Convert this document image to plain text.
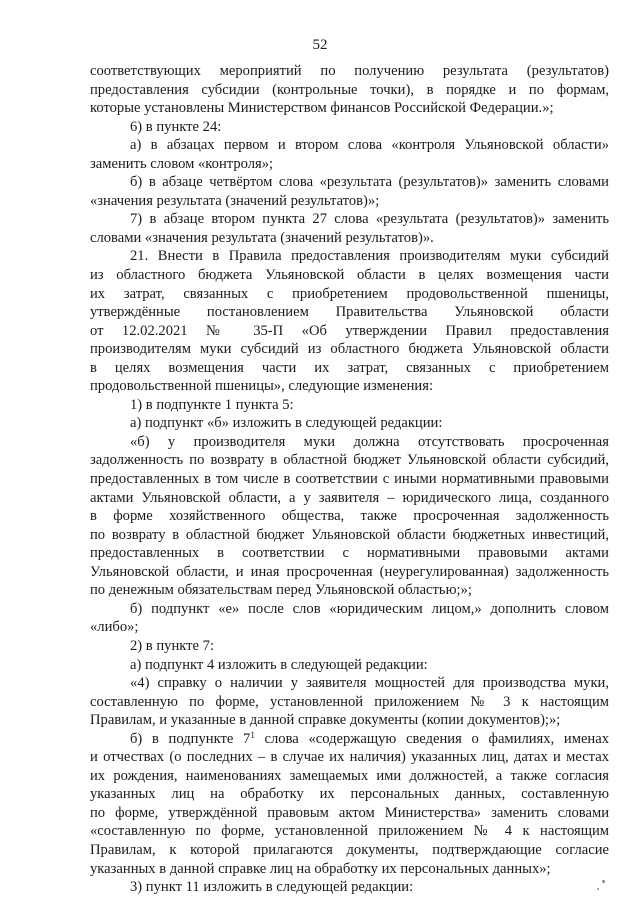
52
соответствующих мероприятий по получению результата (результатов)
предоставления субсидии (контрольные точки), в порядке и по формам,
которые установлены Министерством финансов Российской Федерации.»;
6) в пункте 24:
а) в абзацах первом и втором слова «контроля Ульяновской области»
заменить словом «контроля»;
б) в абзаце четвёртом слова «результата (результатов)» заменить словами
«значения результата (значений результатов)»;
7) в абзаце втором пункта 27 слова «результата (результатов)» заменить
словами «значения результата (значений результатов)».
21. Внести в Правила предоставления производителям муки субсидий
из областного бюджета Ульяновской области в целях возмещения части
их затрат, связанных с приобретением продовольственной пшеницы,
утверждённые постановлением Правительства Ульяновской области
от 12.02.2021 № 35-П «Об утверждении Правил предоставления
производителям муки субсидий из областного бюджета Ульяновской области
в целях возмещения части их затрат, связанных с приобретением
продовольственной пшеницы», следующие изменения:
1) в подпункте 1 пункта 5:
а) подпункт «б» изложить в следующей редакции:
«б) у производителя муки должна отсутствовать просроченная
задолженность по возврату в областной бюджет Ульяновской области субсидий,
предоставленных в том числе в соответствии с иными нормативными правовыми
актами Ульяновской области, а у заявителя – юридического лица, созданного
в форме хозяйственного общества, также просроченная задолженность
по возврату в областной бюджет Ульяновской области бюджетных инвестиций,
предоставленных в соответствии с нормативными правовыми актами
Ульяновской области, и иная просроченная (неурегулированная) задолженность
по денежным обязательствам перед Ульяновской областью;»;
б) подпункт «е» после слов «юридическим лицом,» дополнить словом
«либо»;
2) в пункте 7:
а) подпункт 4 изложить в следующей редакции:
«4) справку о наличии у заявителя мощностей для производства муки,
составленную по форме, установленной приложением № 3 к настоящим
Правилам, и указанные в данной справке документы (копии документов);»;
б) в подпункте $7^1$ слова «содержащую сведения о фамилиях, именах
и отчествах (о последних – в случае их наличия) указанных лиц, датах и местах
их рождения, наименованиях замещаемых ими должностей, а также согласия
указанных лиц на обработку их персональных данных, составленную
по форме, утверждённой правовым актом Министерства» заменить словами
«составленную по форме, установленной приложением № 4 к настоящим
Правилам, к которой прилагаются документы, подтверждающие согласие
указанных в данной справке лиц на обработку их персональных данных»;
3) пункт 11 изложить в следующей редакции:
